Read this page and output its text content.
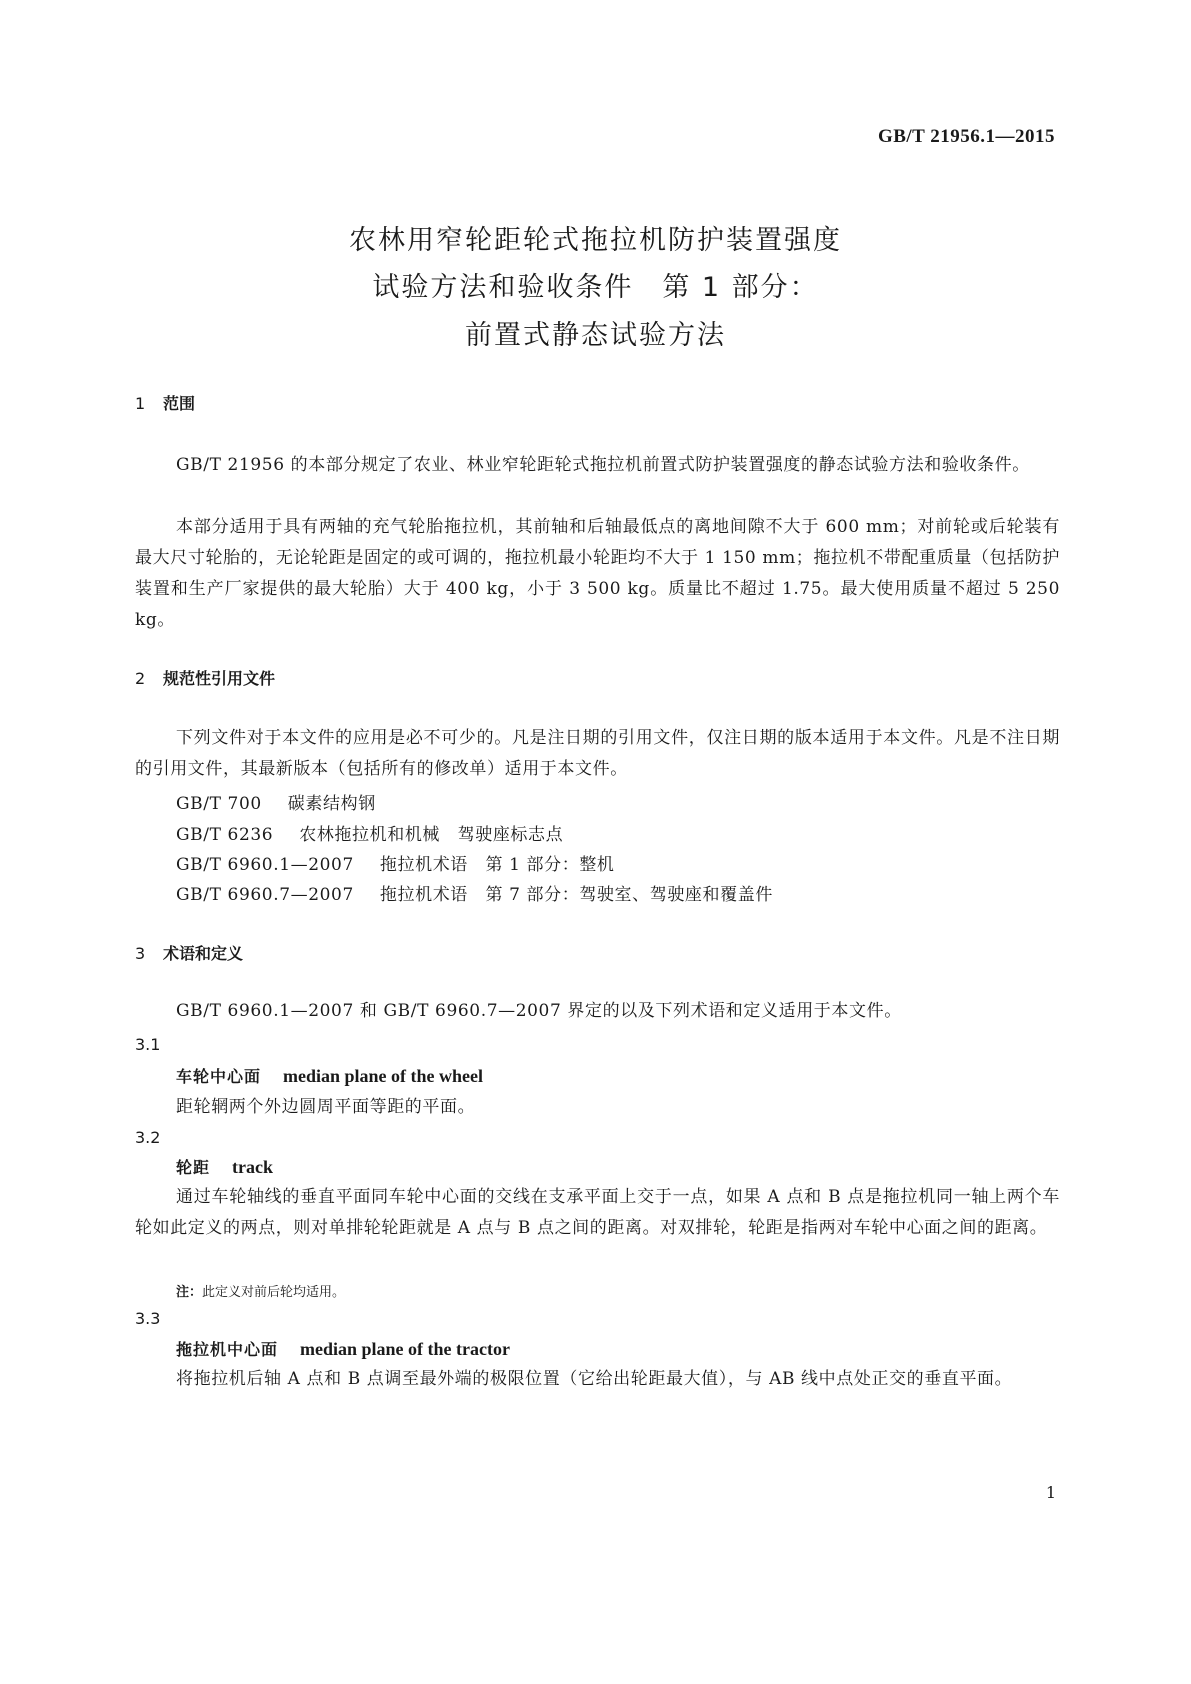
GB/T 21956.1—2015
农林用窄轮距轮式拖拉机防护装置强度
试验方法和验收条件　第 1 部分：
前置式静态试验方法
1 范围
GB/T 21956 的本部分规定了农业、林业窄轮距轮式拖拉机前置式防护装置强度的静态试验方法和验收条件。
本部分适用于具有两轴的充气轮胎拖拉机，其前轴和后轴最低点的离地间隙不大于 600 mm；对前轮或后轮装有最大尺寸轮胎的，无论轮距是固定的或可调的，拖拉机最小轮距均不大于 1 150 mm；拖拉机不带配重质量（包括防护装置和生产厂家提供的最大轮胎）大于 400 kg，小于 3 500 kg。质量比不超过 1.75。最大使用质量不超过 5 250 kg。
2 规范性引用文件
下列文件对于本文件的应用是必不可少的。凡是注日期的引用文件，仅注日期的版本适用于本文件。凡是不注日期的引用文件，其最新版本（包括所有的修改单）适用于本文件。
GB/T 700 碳素结构钢
GB/T 6236 农林拖拉机和机械　驾驶座标志点
GB/T 6960.1—2007 拖拉机术语　第 1 部分：整机
GB/T 6960.7—2007 拖拉机术语　第 7 部分：驾驶室、驾驶座和覆盖件
3 术语和定义
GB/T 6960.1—2007 和 GB/T 6960.7—2007 界定的以及下列术语和定义适用于本文件。
3.1
车轮中心面 median plane of the wheel
距轮辋两个外边圆周平面等距的平面。
3.2
轮距 track
通过车轮轴线的垂直平面同车轮中心面的交线在支承平面上交于一点，如果 A 点和 B 点是拖拉机同一轴上两个车轮如此定义的两点，则对单排轮轮距就是 A 点与 B 点之间的距离。对双排轮，轮距是指两对车轮中心面之间的距离。
注：此定义对前后轮均适用。
3.3
拖拉机中心面 median plane of the tractor
将拖拉机后轴 A 点和 B 点调至最外端的极限位置（它给出轮距最大值），与 AB 线中点处正交的垂直平面。
1
